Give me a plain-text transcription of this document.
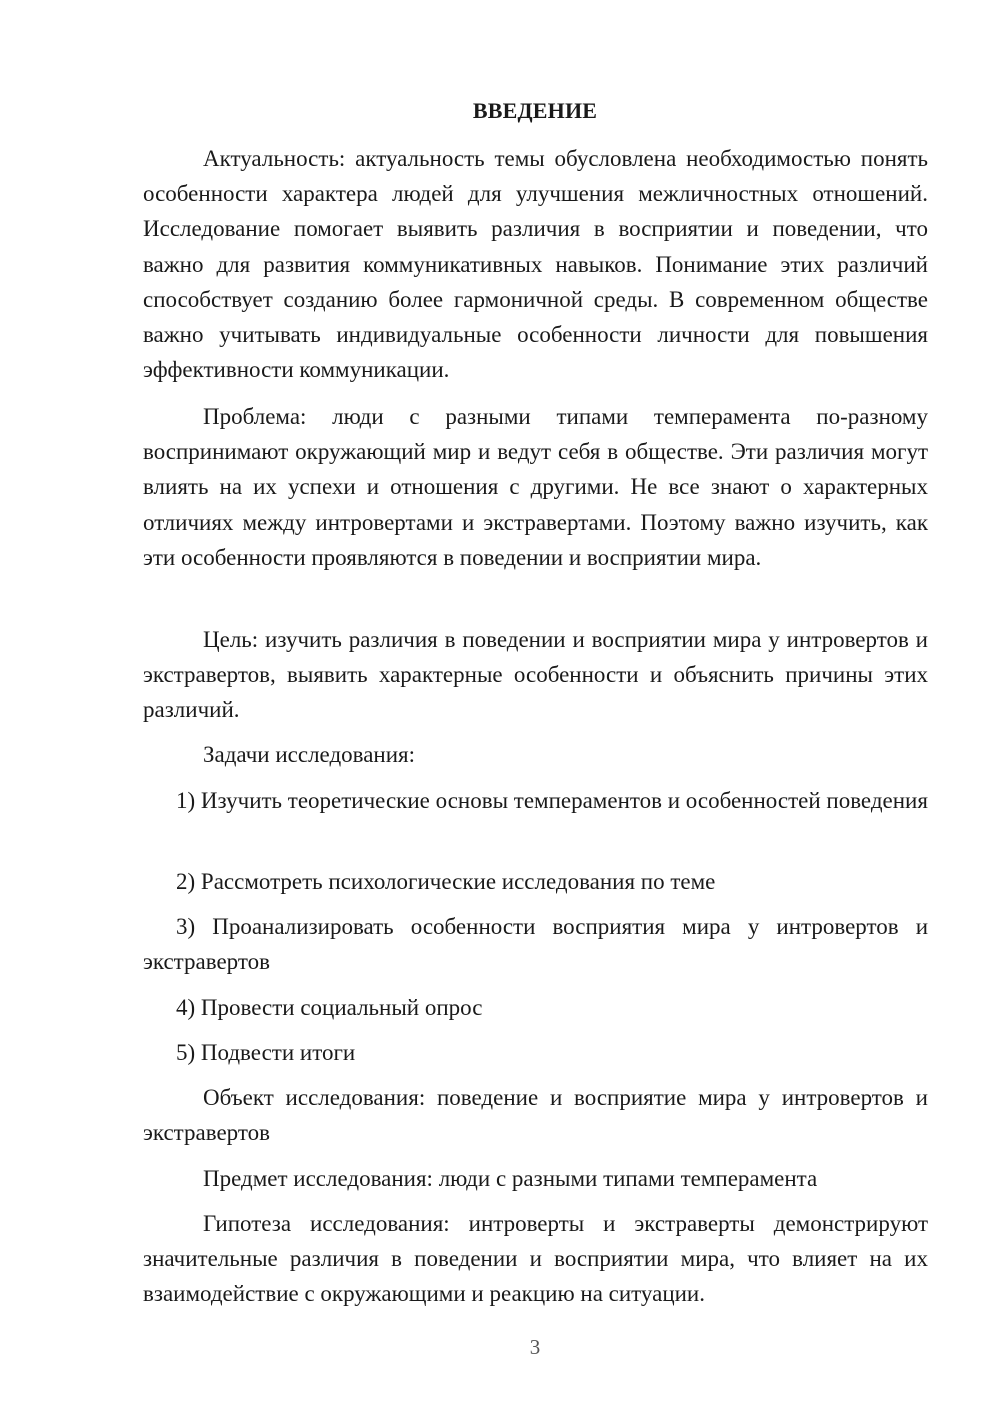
ВВЕДЕНИЕ

Актуальность: актуальность темы обусловлена необходимостью понять особенности характера людей для улучшения межличностных отношений. Исследование помогает выявить различия в восприятии и поведении, что важно для развития коммуникативных навыков. Понимание этих различий способствует созданию более гармоничной среды. В современном обществе важно учитывать индивидуальные особенности личности для повышения эффективности коммуникации.

Проблема: люди с разными типами темперамента по-разному воспринимают окружающий мир и ведут себя в обществе. Эти различия могут влиять на их успехи и отношения с другими. Не все знают о характерных отличиях между интровертами и экстравертами. Поэтому важно изучить, как эти особенности проявляются в поведении и восприятии мира.

Цель: изучить различия в поведении и восприятии мира у интровертов и экстравертов, выявить характерные особенности и объяснить причины этих различий.

Задачи исследования:

1) Изучить теоретические основы темпераментов и особенностей поведения

2) Рассмотреть психологические исследования по теме

3) Проанализировать особенности восприятия мира у интровертов и экстравертов

4) Провести социальный опрос

5) Подвести итоги

Объект исследования: поведение и восприятие мира у интровертов и экстравертов

Предмет исследования: люди с разными типами темперамента

Гипотеза исследования: интроверты и экстраверты демонстрируют значительные различия в поведении и восприятии мира, что влияет на их взаимодействие с окружающими и реакцию на ситуации.

3
